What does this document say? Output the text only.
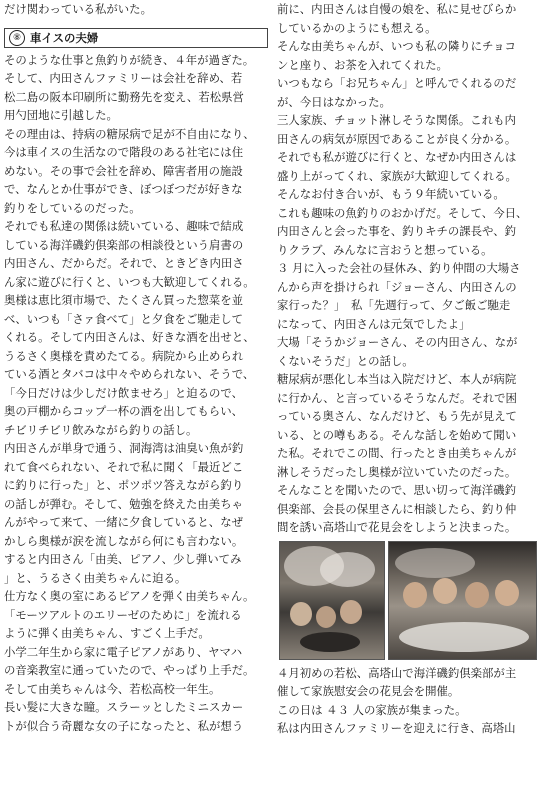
だけ関わっている私がいた。
⑧ 車イスの夫婦
そのような仕事と魚釣りが続き、４年が過ぎた。
そして、内田さんファミリーは会社を辞め、若
松二島の阪本印刷所に勤務先を変え、若松県営
用勺団地に引越した。
その理由は、持病の糖尿病で足が不自由になり、
今は車イスの生活なので階段のある社宅には住
めない。その事で会社を辞め、障害者用の施設
で、なんとか仕事ができ、ぼつぼつだが好きな
釣りをしているのだった。
それでも私達の関係は続いている、趣味で結成
している海洋磯釣倶楽部の相談役という肩書の
内田さん、だからだ。それで、ときどき内田さ
ん家に遊びに行くと、いつも大歓迎してくれる。
奥様は恵比須市場で、たくさん買った惣菜を並
べ、いつも「さァ食べて」と夕食をご馳走して
くれる。そして内田さんは、好きな酒を出せと、
うるさく奥様を責めたてる。病院から止められ
ている酒とタバコは中々やめられない、そうで、
「今日だけは少しだけ飲ませろ」と迫るので、
奥の戸棚からコップ一杯の酒を出してもらい、
チビリチビリ飲みながら釣りの話し。
内田さんが単身で通う、洞海湾は油臭い魚が釣
れて食べられない、それで私に聞く「最近どこ
に釣りに行った」と、ポツポツ答えながら釣り
の話しが弾む。そして、勉強を終えた由美ちゃ
んがやって来て、一緒に夕食していると、なぜ
かしら奥様が涙を流しながら何にも言わない。
すると内田さん「由美、ピアノ、少し弾いてみ
」と、うるさく由美ちゃんに迫る。
仕方なく奥の室にあるピアノを弾く由美ちゃん。
「モーツアルトのエリーゼのために」を流れる
ように弾く由美ちゃん、すごく上手だ。
小学二年生から家に電子ピアノがあり、ヤマハ
の音楽教室に通っていたので、やっぱり上手だ。
そして由美ちゃんは今、若松高校一年生。
長い髪に大きな瞳。スラーッとしたミニスカー
トが似合う奇麗な女の子になったと、私が想う
前に、内田さんは自慢の娘を、私に見せびらか
しているかのようにも想える。
そんな由美ちゃんが、いつも私の隣りにチョコ
ンと座り、お茶を入れてくれた。
いつもなら「お兄ちゃん」と呼んでくれるのだ
が、今日はなかった。
三人家族、チョット淋しそうな関係。これも内
田さんの病気が原因であることが良く分かる。
それでも私が遊びに行くと、なぜか内田さんは
盛り上がってくれ、家族が大歓迎してくれる。
そんなお付き合いが、もう９年続いている。
これも趣味の魚釣りのおかげだ。そして、今日、
内田さんと会った事を、釣りキチの課長や、釣
りクラブ、みんなに言おうと想っている。
３ 月に入った会社の昼休み、釣り仲間の大場さ
んから声を掛けられ「ジョーさん、内田さんの
家行った？」　私「先週行って、夕ご飯ご馳走
になって、内田さんは元気でしたよ」
大場「そうかジョーさん、その内田さん、なが
くないそうだ」との話し。
糖尿病が悪化し本当は入院だけど、本人が病院
に行かん、と言っているそうなんだ。それで困
っている奥さん、なんだけど、もう先が見えて
いる、との噂もある。そんな話しを始めて聞い
た私。それでこの間、行ったとき由美ちゃんが
淋しそうだったし奥様が泣いていたのだった。
そんなことを聞いたので、思い切って海洋磯釣
倶楽部、会長の保里さんに相談したら、釣り仲
間を誘い高塔山で花見会をしようと決まった。
４月初めの若松、高塔山で海洋磯釣倶楽部が主
催して家族慰安会の花見会を開催。
この日は ４３ 人の家族が集まった。
私は内田さんファミリーを迎えに行き、高塔山
